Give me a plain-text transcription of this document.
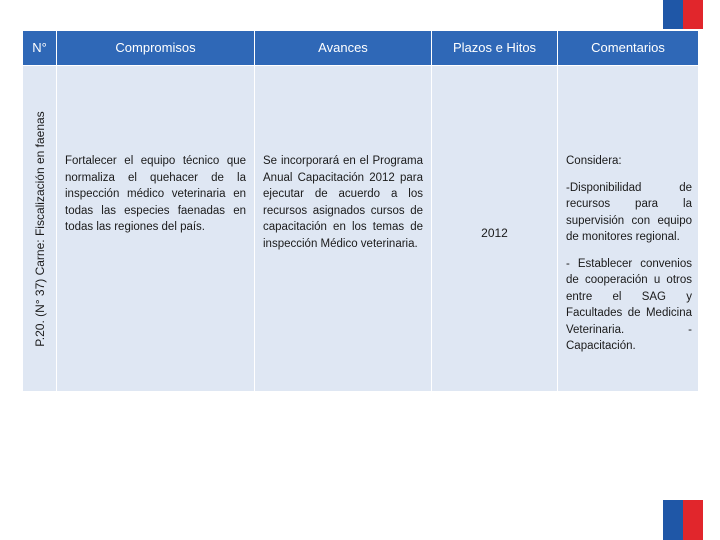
N°	Compromisos	Avances	Plazos e Hitos	Comentarios

P.20. (N° 37) Carne: Fiscalización en faenas	Fortalecer el equipo técnico que normaliza el quehacer de la inspección médico veterinaria en todas las especies faenadas en todas las regiones del país.	Se incorporará en el Programa Anual Capacitación 2012 para ejecutar de acuerdo a los recursos asignados cursos de capacitación en los temas de inspección Médico veterinaria.	2012	Considera:

-Disponibilidad de recursos para la supervisión con equipo de monitores regional.

- Establecer convenios de cooperación u otros entre el SAG y Facultades de Medicina Veterinaria. - Capacitación.
